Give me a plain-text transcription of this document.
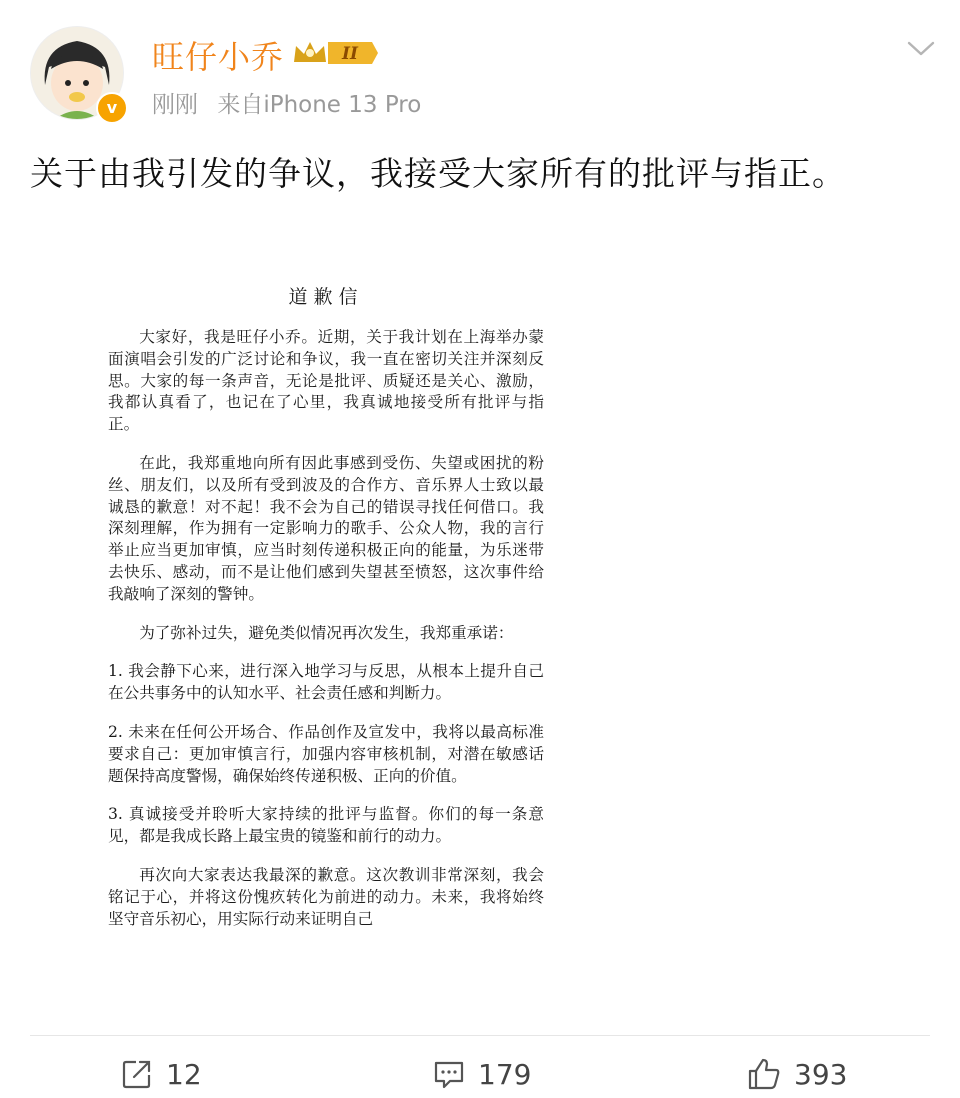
v
旺仔小乔	II
刚刚 来自iPhone 13 Pro
关于由我引发的争议，我接受大家所有的批评与指正。
道歉信

大家好，我是旺仔小乔。近期，关于我计划在上海举办蒙面演唱会引发的广泛讨论和争议，我一直在密切关注并深刻反思。大家的每一条声音，无论是批评、质疑还是关心、激励，我都认真看了，也记在了心里，我真诚地接受所有批评与指正。

在此，我郑重地向所有因此事感到受伤、失望或困扰的粉丝、朋友们，以及所有受到波及的合作方、音乐界人士致以最诚恳的歉意！对不起！我不会为自己的错误寻找任何借口。我深刻理解，作为拥有一定影响力的歌手、公众人物，我的言行举止应当更加审慎，应当时刻传递积极正向的能量，为乐迷带去快乐、感动，而不是让他们感到失望甚至愤怒，这次事件给我敲响了深刻的警钟。

为了弥补过失，避免类似情况再次发生，我郑重承诺：

1. 我会静下心来，进行深入地学习与反思，从根本上提升自己在公共事务中的认知水平、社会责任感和判断力。

2. 未来在任何公开场合、作品创作及宣发中，我将以最高标准要求自己：更加审慎言行，加强内容审核机制，对潜在敏感话题保持高度警惕，确保始终传递积极、正向的价值。

3. 真诚接受并聆听大家持续的批评与监督。你们的每一条意见，都是我成长路上最宝贵的镜鉴和前行的动力。

再次向大家表达我最深的歉意。这次教训非常深刻，我会铭记于心，并将这份愧疚转化为前进的动力。未来，我将始终坚守音乐初心，用实际行动来证明自己

12	179	393
